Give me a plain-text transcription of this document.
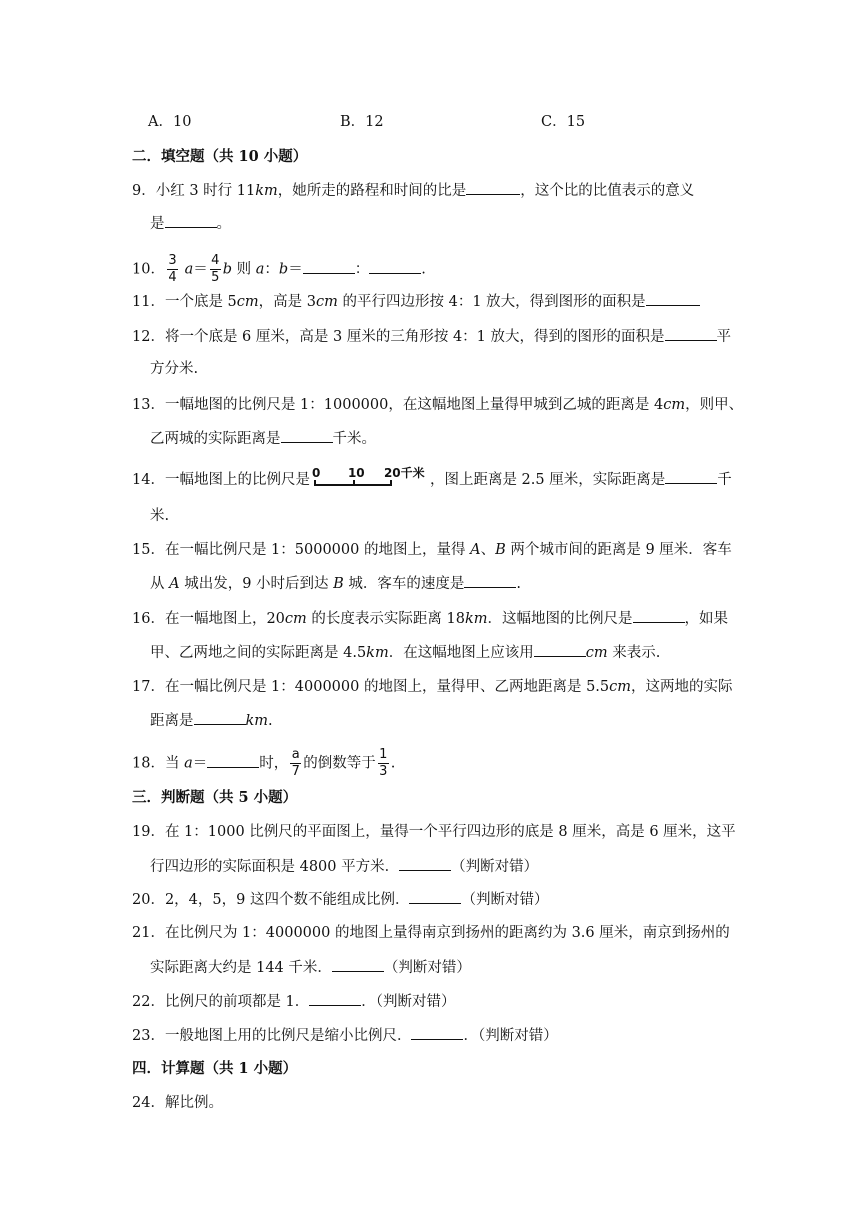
A．10	B．12	C．15
二．填空题（共 10 小题）
9．小红 3 时行 11km，她所走的路程和时间的比是	，这个比的比值表示的意义
是	。
10． $\frac{3}{4} a= \frac{4}{5}$ b 则 a：b＝	：	.
11．一个底是 5cm，高是 3cm 的平行四边形按 4：1 放大，得到图形的面积是
12．将一个底是 6 厘米，高是 3 厘米的三角形按 4：1 放大，得到的图形的面积是	平
方分米.
13．一幅地图的比例尺是 1：1000000，在这幅地图上量得甲城到乙城的距离是 4cm，则甲、
乙两城的实际距离是	千米。
14．一幅地图上的比例尺是 0 10 20千米 ，图上距离是 2.5 厘米，实际距离是	千
米.
15．在一幅比例尺是 1：5000000 的地图上，量得 A、B 两个城市间的距离是 9 厘米．客车
从 A 城出发，9 小时后到达 B 城．客车的速度是	.
16．在一幅地图上，20cm 的长度表示实际距离 18km．这幅地图的比例尺是	，如果
甲、乙两地之间的实际距离是 4.5km．在这幅地图上应该用	cm 来表示.
17．在一幅比例尺是 1：4000000 的地图上，量得甲、乙两地距离是 5.5cm，这两地的实际
距离是	km.
18．当 a＝	时， $\frac{a}{7}$ 的倒数等于 $\frac{1}{3}$ .
三．判断题（共 5 小题）
19．在 1：1000 比例尺的平面图上，量得一个平行四边形的底是 8 厘米，高是 6 厘米，这平
行四边形的实际面积是 4800 平方米．	（判断对错）
20．2，4，5，9 这四个数不能组成比例．	（判断对错）
21．在比例尺为 1：4000000 的地图上量得南京到扬州的距离约为 3.6 厘米，南京到扬州的
实际距离大约是 144 千米．	（判断对错）
22．比例尺的前项都是 1．	．（判断对错）
23．一般地图上用的比例尺是缩小比例尺．	．（判断对错）
四．计算题（共 1 小题）
24．解比例。
